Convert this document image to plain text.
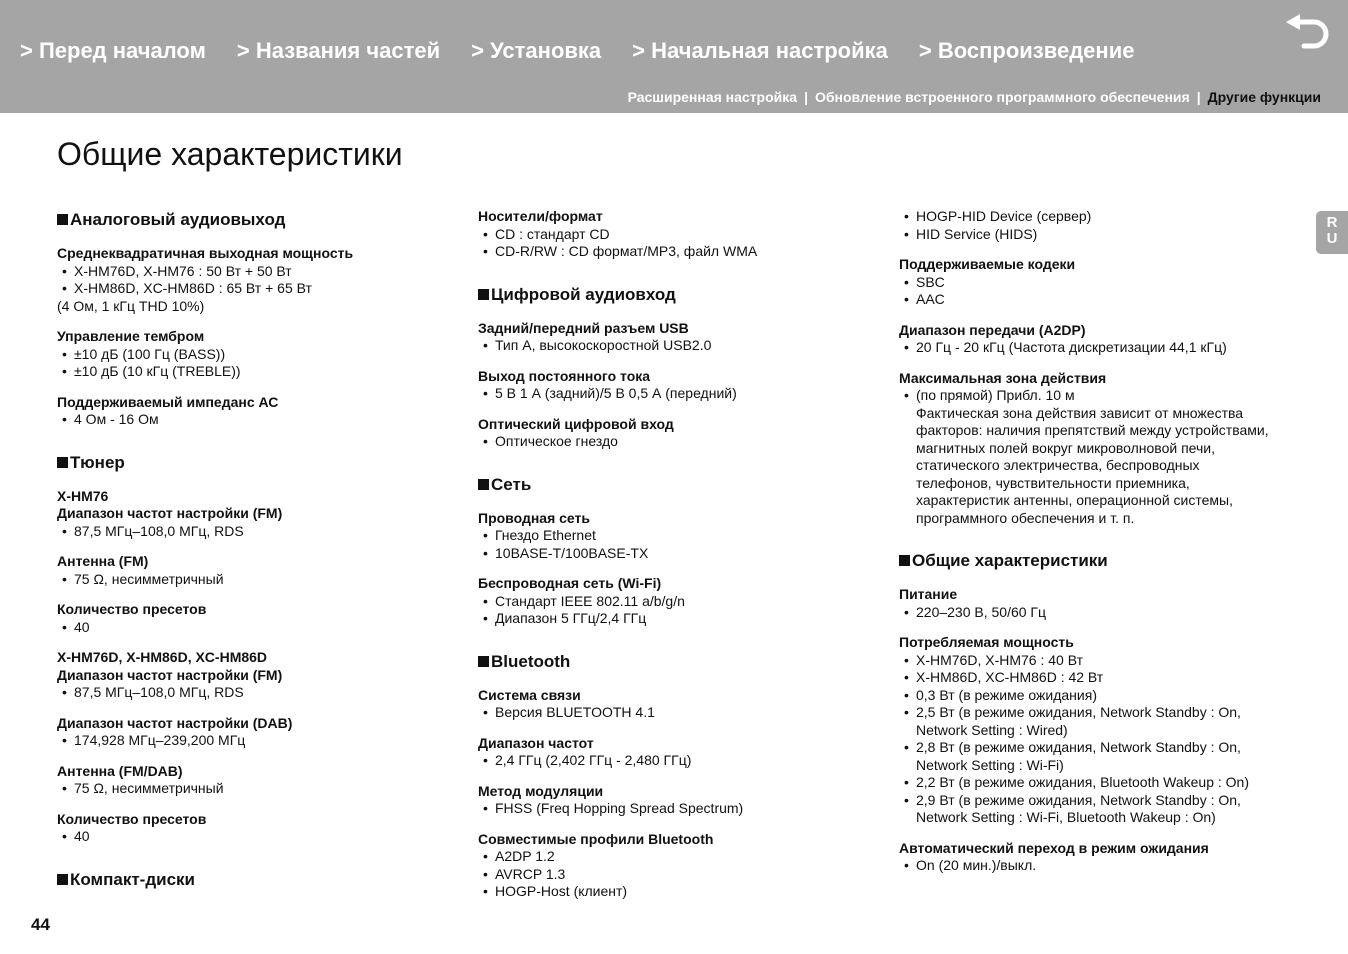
> Перед началом > Названия частей > Установка > Начальная настройка > Воспроизведение
Расширенная настройка | Обновление встроенного программного обеспечения | Другие функции
Общие характеристики
Аналоговый аудиовыход
Среднеквадратичная выходная мощность
• X-HM76D, X-HM76 : 50 Вт + 50 Вт
• X-HM86D, XC-HM86D : 65 Вт + 65 Вт
(4 Ом, 1 кГц THD 10%)
Управление тембром
• ±10 дБ (100 Гц (BASS))
• ±10 дБ (10 кГц (TREBLE))
Поддерживаемый импеданс АС
• 4 Ом - 16 Ом
Тюнер
X-HM76
Диапазон частот настройки (FM)
• 87,5 МГц–108,0 МГц, RDS
Антенна (FM)
• 75 Ω, несимметричный
Количество пресетов
• 40
X-HM76D, X-HM86D, XC-HM86D
Диапазон частот настройки (FM)
• 87,5 МГц–108,0 МГц, RDS
Диапазон частот настройки (DAB)
• 174,928 МГц–239,200 МГц
Антенна (FM/DAB)
• 75 Ω, несимметричный
Количество пресетов
• 40
Компакт-диски
Носители/формат
• CD : стандарт CD
• CD-R/RW : CD формат/MP3, файл WMA
Цифровой аудиовход
Задний/передний разъем USB
• Тип A, высокоскоростной USB2.0
Выход постоянного тока
• 5 В 1 А (задний)/5 В 0,5 А (передний)
Оптический цифровой вход
• Оптическое гнездо
Сеть
Проводная сеть
• Гнездо Ethernet
• 10BASE-T/100BASE-TX
Беспроводная сеть (Wi-Fi)
• Стандарт IEEE 802.11 a/b/g/n
• Диапазон 5 ГГц/2,4 ГГц
Bluetooth
Система связи
• Версия BLUETOOTH 4.1
Диапазон частот
• 2,4 ГГц (2,402 ГГц - 2,480 ГГц)
Метод модуляции
• FHSS (Freq Hopping Spread Spectrum)
Совместимые профили Bluetooth
• A2DP 1.2
• AVRCP 1.3
• HOGP-Host (клиент)
• HOGP-HID Device (сервер)
• HID Service (HIDS)
Поддерживаемые кодеки
• SBC
• AAC
Диапазон передачи (A2DP)
• 20 Гц - 20 кГц (Частота дискретизации 44,1 кГц)
Максимальная зона действия
• (по прямой) Прибл. 10 м
Фактическая зона действия зависит от множества
факторов: наличия препятствий между устройствами,
магнитных полей вокруг микроволновой печи,
статического электричества, беспроводных
телефонов, чувствительности приемника,
характеристик антенны, операционной системы,
программного обеспечения и т. п.
Общие характеристики
Питание
• 220–230 В, 50/60 Гц
Потребляемая мощность
• X-HM76D, X-HM76 : 40 Вт
• X-HM86D, XC-HM86D : 42 Вт
• 0,3 Вт (в режиме ожидания)
• 2,5 Вт (в режиме ожидания, Network Standby : On,
Network Setting : Wired)
• 2,8 Вт (в режиме ожидания, Network Standby : On,
Network Setting : Wi-Fi)
• 2,2 Вт (в режиме ожидания, Bluetooth Wakeup : On)
• 2,9 Вт (в режиме ожидания, Network Standby : On,
Network Setting : Wi-Fi, Bluetooth Wakeup : On)
Автоматический переход в режим ожидания
• On (20 мин.)/выкл.
R
U
44
